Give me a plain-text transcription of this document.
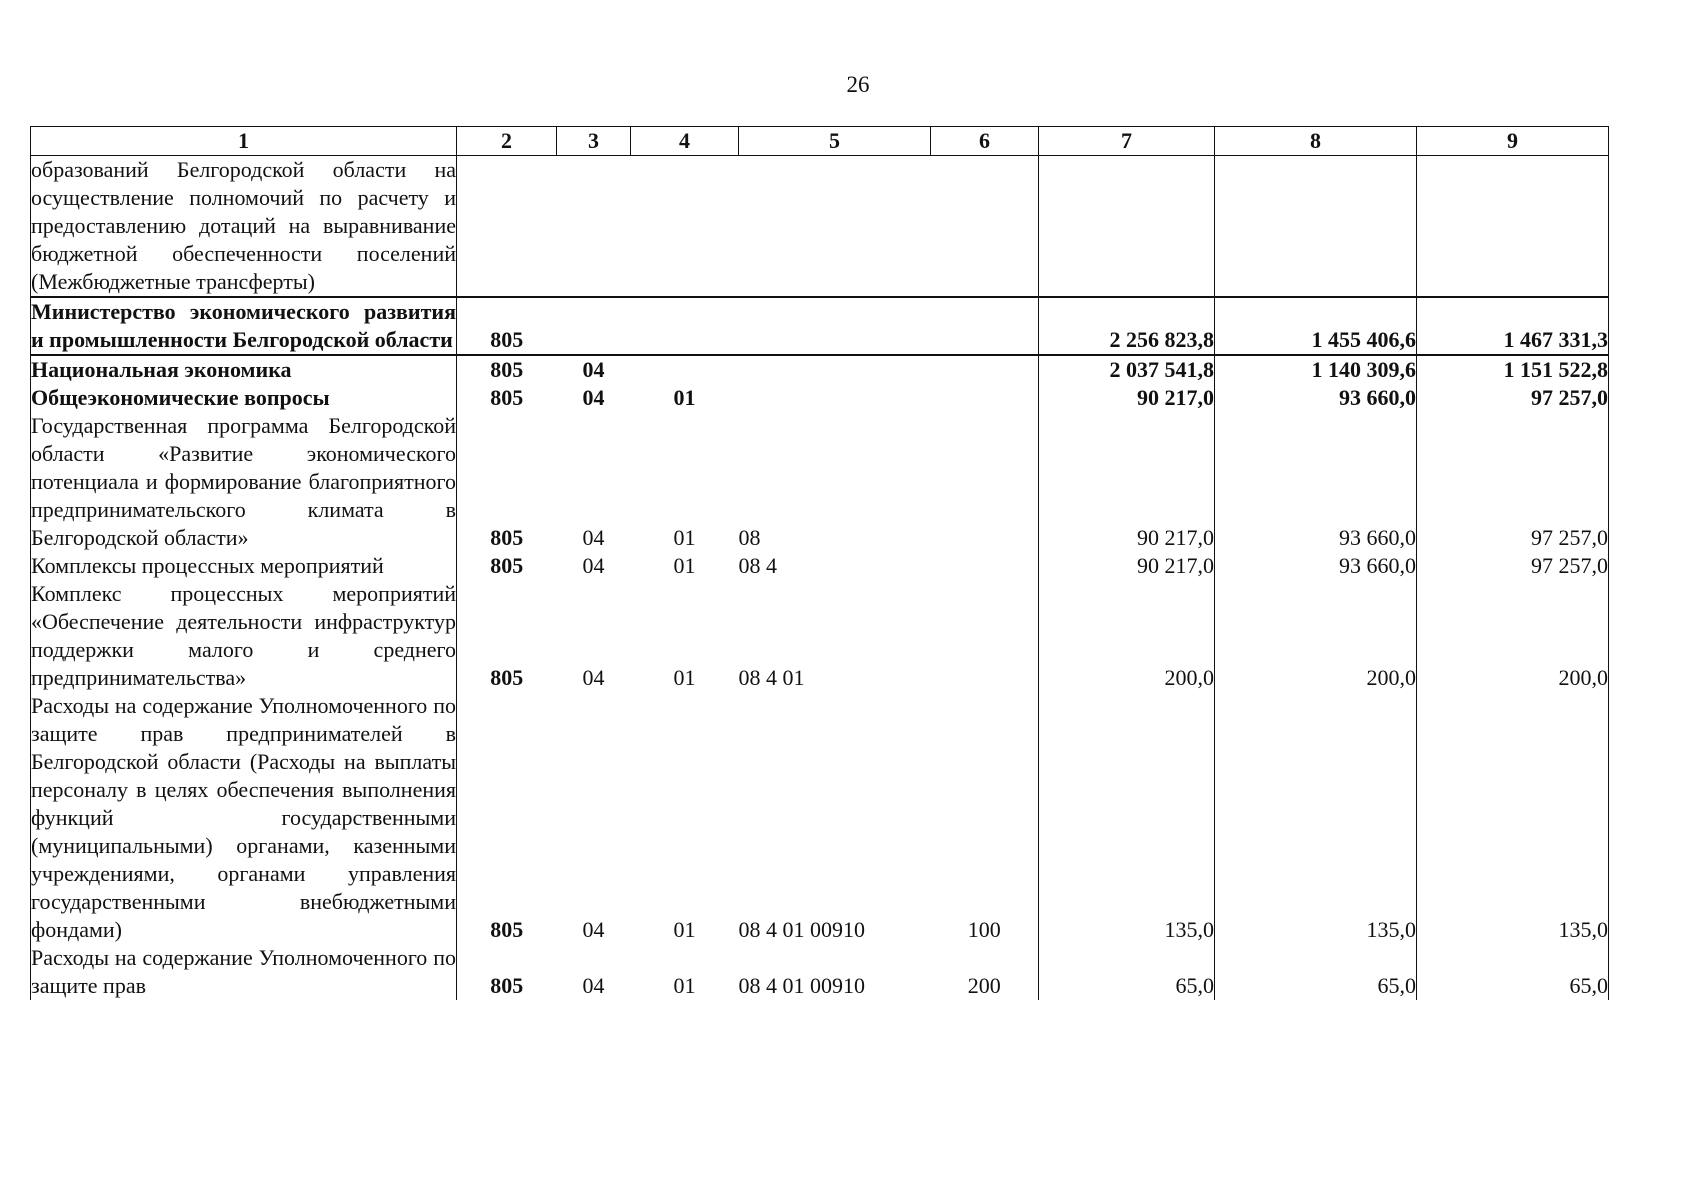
26
1	2	3	4	5	6	7	8	9
образований Белгородской области на осуществление полномочий по расчету и предоставлению дотаций на выравнивание бюджетной обеспеченности поселений (Межбюджетные трансферты)								
Министерство экономического развития и промышленности Белгородской области	805					2 256 823,8	1 455 406,6	1 467 331,3
Национальная экономика	805	04				2 037 541,8	1 140 309,6	1 151 522,8
Общеэкономические вопросы	805	04	01			90 217,0	93 660,0	97 257,0
Государственная программа Белгородской области «Развитие экономического потенциала и формирование благоприятного предпринимательского климата в Белгородской области»	805	04	01	08		90 217,0	93 660,0	97 257,0
Комплексы процессных мероприятий	805	04	01	08 4		90 217,0	93 660,0	97 257,0
Комплекс процессных мероприятий «Обеспечение деятельности инфраструктур поддержки малого и среднего предпринимательства»	805	04	01	08 4 01		200,0	200,0	200,0
Расходы на содержание Уполномоченного по защите прав предпринимателей в Белгородской области (Расходы на выплаты персоналу в целях обеспечения выполнения функций государственными (муниципальными) органами, казенными учреждениями, органами управления государственными внебюджетными фондами)	805	04	01	08 4 01 00910	100	135,0	135,0	135,0
Расходы на содержание Уполномоченного по защите прав	805	04	01	08 4 01 00910	200	65,0	65,0	65,0
